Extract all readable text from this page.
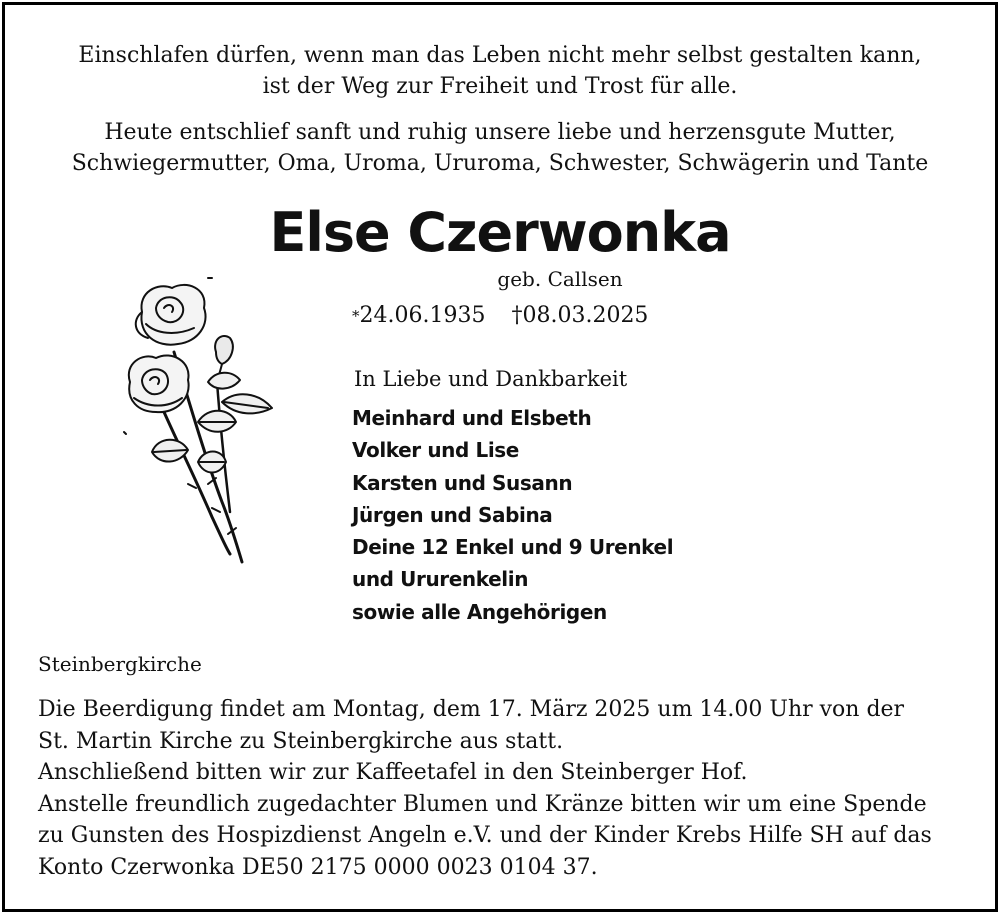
Einschlafen dürfen, wenn man das Leben nicht mehr selbst gestalten kann,
ist der Weg zur Freiheit und Trost für alle.
Heute entschlief sanft und ruhig unsere liebe und herzensgute Mutter,
Schwiegermutter, Oma, Uroma, Ururoma, Schwester, Schwägerin und Tante
Else Czerwonka
geb. Callsen
*24.06.1935 †08.03.2025
In Liebe und Dankbarkeit
Meinhard und Elsbeth
Volker und Lise
Karsten und Susann
Jürgen und Sabina
Deine 12 Enkel und 9 Urenkel
und Ururenkelin
sowie alle Angehörigen
Steinbergkirche
Die Beerdigung findet am Montag, dem 17. März 2025 um 14.00 Uhr von der
St. Martin Kirche zu Steinbergkirche aus statt.
Anschließend bitten wir zur Kaffeetafel in den Steinberger Hof.
Anstelle freundlich zugedachter Blumen und Kränze bitten wir um eine Spende
zu Gunsten des Hospizdienst Angeln e.V. und der Kinder Krebs Hilfe SH auf das
Konto Czerwonka DE50 2175 0000 0023 0104 37.
